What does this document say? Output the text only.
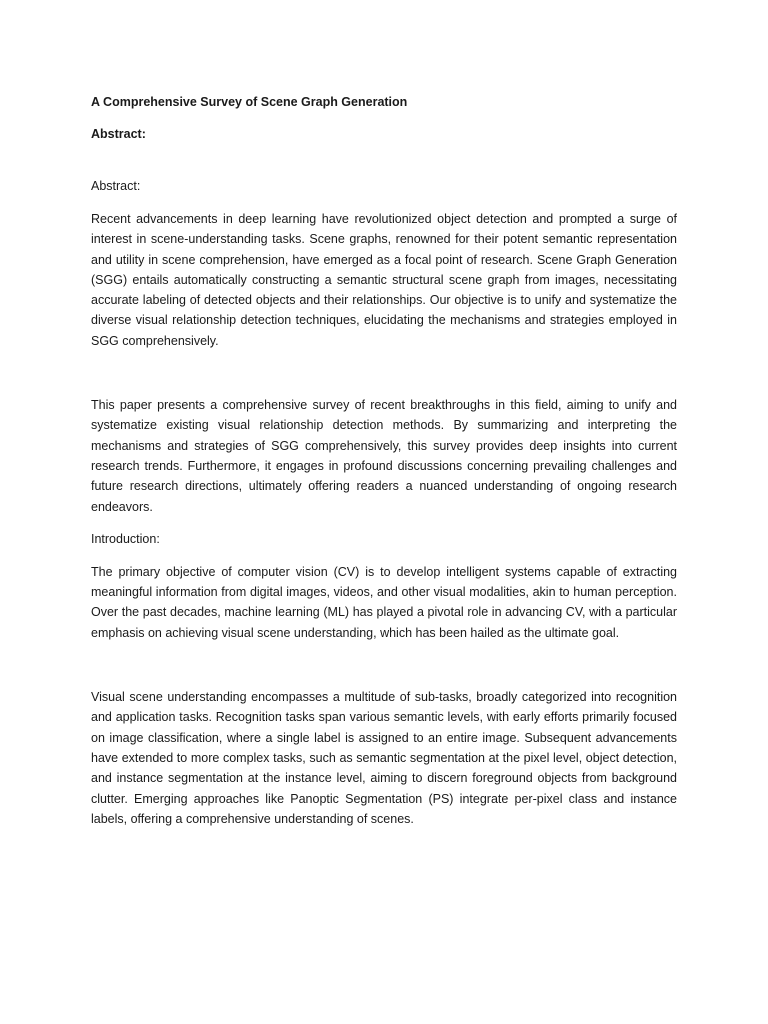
A Comprehensive Survey of Scene Graph Generation
Abstract:
Abstract:

Recent advancements in deep learning have revolutionized object detection and prompted a surge of interest in scene-understanding tasks. Scene graphs, renowned for their potent semantic representation and utility in scene comprehension, have emerged as a focal point of research. Scene Graph Generation (SGG) entails automatically constructing a semantic structural scene graph from images, necessitating accurate labeling of detected objects and their relationships. Our objective is to unify and systematize the diverse visual relationship detection techniques, elucidating the mechanisms and strategies employed in SGG comprehensively.

This paper presents a comprehensive survey of recent breakthroughs in this field, aiming to unify and systematize existing visual relationship detection methods. By summarizing and interpreting the mechanisms and strategies of SGG comprehensively, this survey provides deep insights into current research trends. Furthermore, it engages in profound discussions concerning prevailing challenges and future research directions, ultimately offering readers a nuanced understanding of ongoing research endeavors.

Introduction:

The primary objective of computer vision (CV) is to develop intelligent systems capable of extracting meaningful information from digital images, videos, and other visual modalities, akin to human perception. Over the past decades, machine learning (ML) has played a pivotal role in advancing CV, with a particular emphasis on achieving visual scene understanding, which has been hailed as the ultimate goal.

Visual scene understanding encompasses a multitude of sub-tasks, broadly categorized into recognition and application tasks. Recognition tasks span various semantic levels, with early efforts primarily focused on image classification, where a single label is assigned to an entire image. Subsequent advancements have extended to more complex tasks, such as semantic segmentation at the pixel level, object detection, and instance segmentation at the instance level, aiming to discern foreground objects from background clutter. Emerging approaches like Panoptic Segmentation (PS) integrate per-pixel class and instance labels, offering a comprehensive understanding of scenes.
